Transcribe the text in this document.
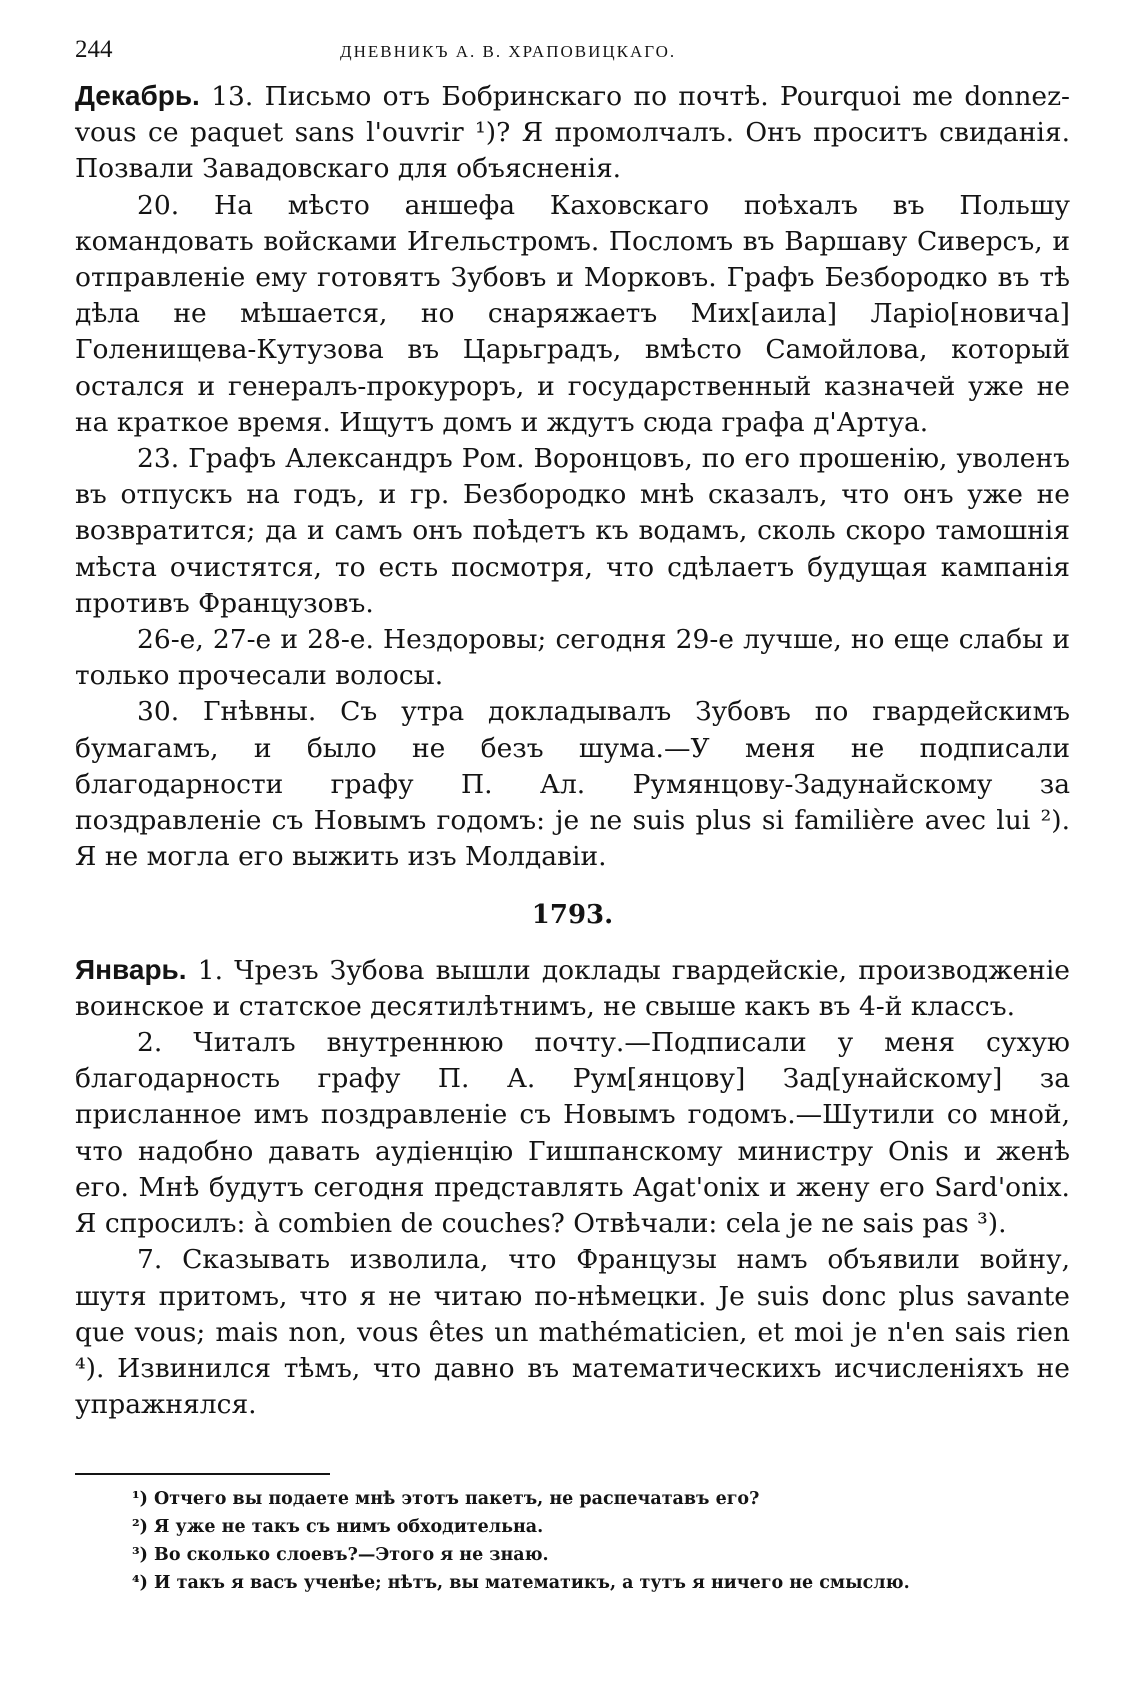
244	ДНЕВНИКЪ А. В. ХРАПОВИЦКАГО.

Декабрь. 13. Письмо отъ Бобринскаго по почтѣ. Pourquoi me donnez-vous ce paquet sans l'ouvrir ¹)? Я промолчалъ. Онъ проситъ свиданія. Позвали Завадовскаго для объясненія.

20. На мѣсто аншефа Каховскаго поѣхалъ въ Польшу командовать войсками Игельстромъ. Посломъ въ Варшаву Сиверсъ, и отправленіе ему готовятъ Зубовъ и Морковъ. Графъ Безбородко въ тѣ дѣла не мѣшается, но снаряжаетъ Мих[аила] Ларіо[новича] Голенищева-Кутузова въ Царьградъ, вмѣсто Самойлова, который остался и генералъ-прокуроръ, и государственный казначей уже не на краткое время. Ищутъ домъ и ждутъ сюда графа д'Артуа.

23. Графъ Александръ Ром. Воронцовъ, по его прошенію, уволенъ въ отпускъ на годъ, и гр. Безбородко мнѣ сказалъ, что онъ уже не возвратится; да и самъ онъ поѣдетъ къ водамъ, сколь скоро тамошнія мѣста очистятся, то есть посмотря, что сдѣлаетъ будущая кампанія противъ Французовъ.

26-е, 27-е и 28-е. Нездоровы; сегодня 29-е лучше, но еще слабы и только прочесали волосы.

30. Гнѣвны. Съ утра докладывалъ Зубовъ по гвардейскимъ бумагамъ, и было не безъ шума.—У меня не подписали благодарности графу П. Ал. Румянцову-Задунайскому за поздравленіе съ Новымъ годомъ: je ne suis plus si familière avec lui ²). Я не могла его выжить изъ Молдавіи.

1793.

Январь. 1. Чрезъ Зубова вышли доклады гвардейскіе, производженіе воинское и статское десятилѣтнимъ, не свыше какъ въ 4-й классъ.

2. Читалъ внутреннюю почту.—Подписали у меня сухую благодарность графу П. А. Рум[янцову] Зад[унайскому] за присланное имъ поздравленіе съ Новымъ годомъ.—Шутили со мной, что надобно давать аудіенцію Гишпанскому министру Onis и женѣ его. Мнѣ будутъ сегодня представлять Agat'onix и жену его Sard'onix. Я спросилъ: à combien de couches? Отвѣчали: cela je ne sais pas ³).

7. Сказывать изволила, что Французы намъ объявили войну, шутя притомъ, что я не читаю по-нѣмецки. Je suis donc plus savante que vous; mais non, vous êtes un mathématicien, et moi je n'en sais rien ⁴). Извинился тѣмъ, что давно въ математическихъ исчисленіяхъ не упражнялся.

¹) Отчего вы подаете мнѣ этотъ пакетъ, не распечатавъ его?
²) Я уже не такъ съ нимъ обходительна.
³) Во сколько слоевъ?—Этого я не знаю.
⁴) И такъ я васъ ученѣе; нѣтъ, вы математикъ, а тутъ я ничего не смыслю.
